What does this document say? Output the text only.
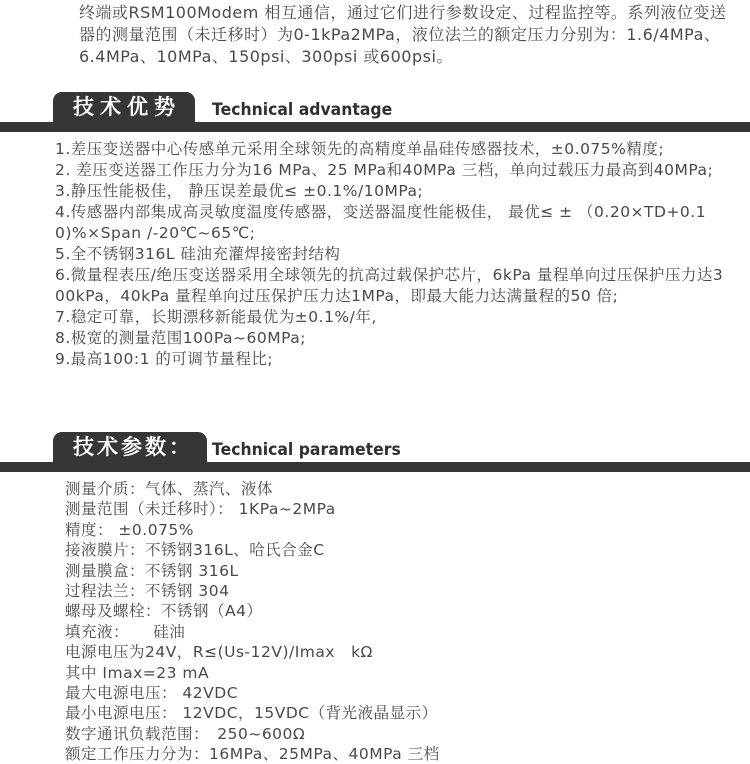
终端或RSM100Modem 相互通信，通过它们进行参数设定、过程监控等。系列液位变送器的测量范围（未迁移时）为0-1kPa2MPa，液位法兰的额定压力分别为：1.6/4MPa、6.4MPa、10MPa、150psi、300psi 或600psi。

技术优势	Technical advantage
1.差压变送器中心传感单元采用全球领先的高精度单晶硅传感器技术，±0.075%精度;
2. 差压变送器工作压力分为16 MPa、25 MPa和40MPa 三档，单向过载压力最高到40MPa;
3.静压性能极佳， 静压误差最优≤ ±0.1%/10MPa;
4.传感器内部集成高灵敏度温度传感器，变送器温度性能极佳， 最优≤ ± （0.20×TD+0.10)%×Span /-20℃~65℃;
5.全不锈钢316L 硅油充灌焊接密封结构
6.微量程表压/绝压变送器采用全球领先的抗高过载保护芯片，6kPa 量程单向过压保护压力达300kPa，40kPa 量程单向过压保护压力达1MPa，即最大能力达满量程的50 倍;
7.稳定可靠，长期漂移新能最优为±0.1%/年,
8.极宽的测量范围100Pa~60MPa;
9.最高100:1 的可调节量程比;
技术参数：	Technical parameters
测量介质：气体、蒸汽、液体
测量范围（未迁移时）： 1KPa~2MPa
精度： ±0.075%
接液膜片：不锈钢316L、哈氏合金C
测量膜盒：不锈钢 316L
过程法兰：不锈钢 304
螺母及螺栓：不锈钢（A4）
填充液：　　硅油
电源电压为24V，R≤(Us-12V)/Imax　kΩ
其中 Imax=23 mA
最大电源电压： 42VDC
最小电源电压： 12VDC，15VDC（背光液晶显示）
数字通讯负载范围：　250~600Ω
额定工作压力分为：16MPa、25MPa、40MPa 三档
